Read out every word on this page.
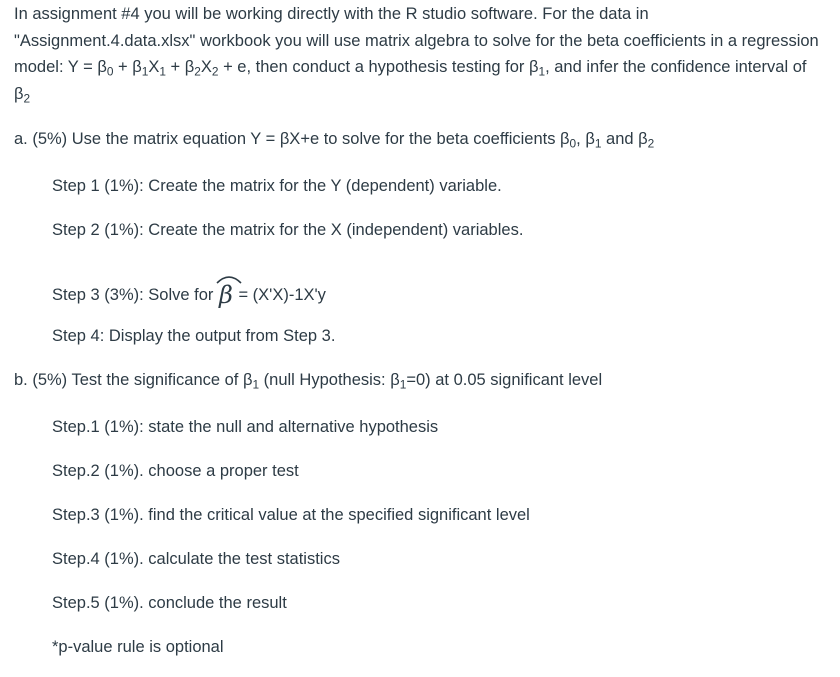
In assignment #4 you will be working directly with the R studio software. For the data in "Assignment.4.data.xlsx" workbook you will use matrix algebra to solve for the beta coefficients in a regression model: $Y = \beta_0 + \beta_1X_1 + \beta_2X_2 + e$, then conduct a hypothesis testing for $\beta_1$, and infer the confidence interval of $\beta_2$

a. (5%) Use the matrix equation Y = βX+e to solve for the beta coefficients $\beta_0$, $\beta_1$ and $\beta_2$

Step 1 (1%): Create the matrix for the Y (dependent) variable.

Step 2 (1%): Create the matrix for the X (independent) variables.

Step 3 (3%): Solve for
β = (X'X)-1X'y

Step 4: Display the output from Step 3.

b. (5%) Test the significance of $\beta_1$ (null Hypothesis: $\beta_1=0$) at 0.05 significant level

Step.1 (1%): state the null and alternative hypothesis

Step.2 (1%). choose a proper test

Step.3 (1%). find the critical value at the specified significant level

Step.4 (1%). calculate the test statistics

Step.5 (1%). conclude the result

*p-value rule is optional
